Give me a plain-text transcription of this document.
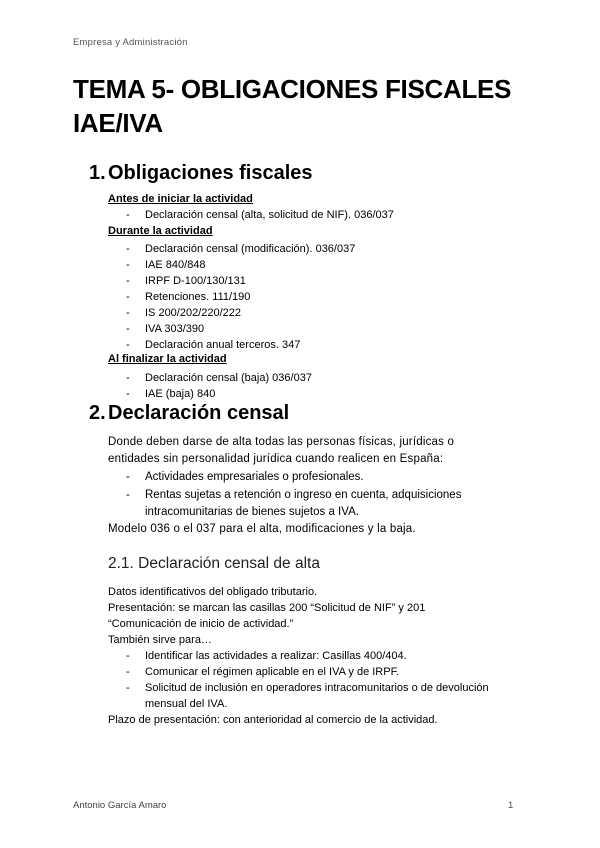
Empresa y Administración
TEMA 5- OBLIGACIONES FISCALES
IAE/IVA
1. Obligaciones fiscales
Antes de iniciar la actividad
- Declaración censal (alta, solicitud de NIF). 036/037
Durante la actividad
- Declaración censal (modificación). 036/037
- IAE 840/848
- IRPF D-100/130/131
- Retenciones. 111/190
- IS 200/202/220/222
- IVA 303/390
- Declaración anual terceros. 347
Al finalizar la actividad
- Declaración censal (baja) 036/037
- IAE (baja) 840
2. Declaración censal
Donde deben darse de alta todas las personas físicas, jurídicas o
entidades sin personalidad jurídica cuando realicen en España:
- Actividades empresariales o profesionales.
- Rentas sujetas a retención o ingreso en cuenta, adquisiciones
intracomunitarias de bienes sujetos a IVA.
Modelo 036 o el 037 para el alta, modificaciones y la baja.
2.1. Declaración censal de alta
Datos identificativos del obligado tributario.
Presentación: se marcan las casillas 200 “Solicitud de NIF” y 201
“Comunicación de inicio de actividad.”
También sirve para…
- Identificar las actividades a realizar: Casillas 400/404.
- Comunicar el régimen aplicable en el IVA y de IRPF.
- Solicitud de inclusión en operadores intracomunitarios o de devolución
mensual del IVA.
Plazo de presentación: con anterioridad al comercio de la actividad.
Antonio García Amaro	1
